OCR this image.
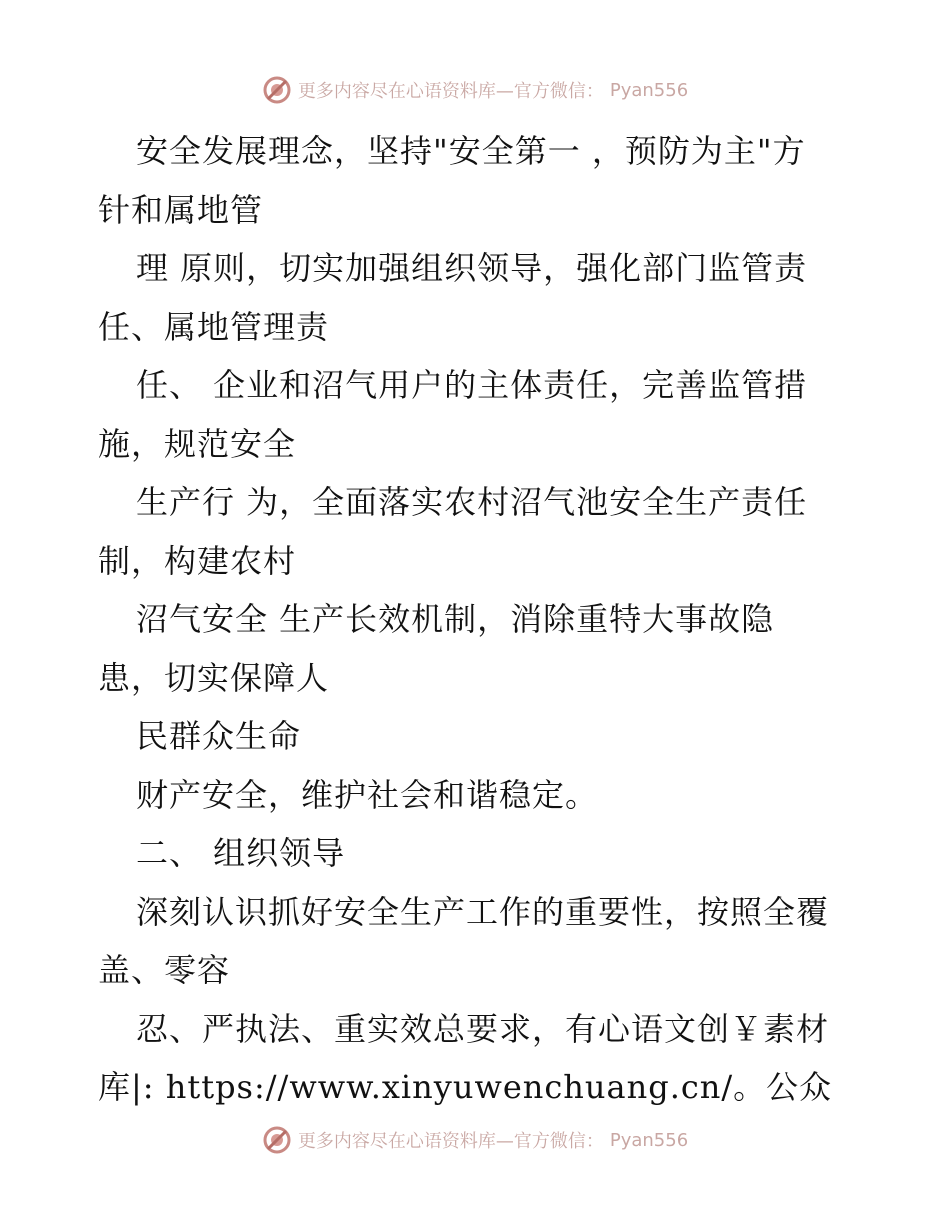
更多内容尽在心语资料库—官方微信： Pyan556
安全发展理念，坚持"安全第一 ，预防为主"方
针和属地管
理 原则，切实加强组织领导，强化部门监管责
任、属地管理责
任、 企业和沼气用户的主体责任，完善监管措
施，规范安全
生产行 为，全面落实农村沼气池安全生产责任
制，构建农村
沼气安全 生产长效机制，消除重特大事故隐
患，切实保障人
民群众生命
财产安全，维护社会和谐稳定。
二、 组织领导
深刻认识抓好安全生产工作的重要性，按照全覆
盖、零容
忍、严执法、重实效总要求，有心语文创￥素材
库|: https://www.xinyuwenchuang.cn/。公众
更多内容尽在心语资料库—官方微信： Pyan556
